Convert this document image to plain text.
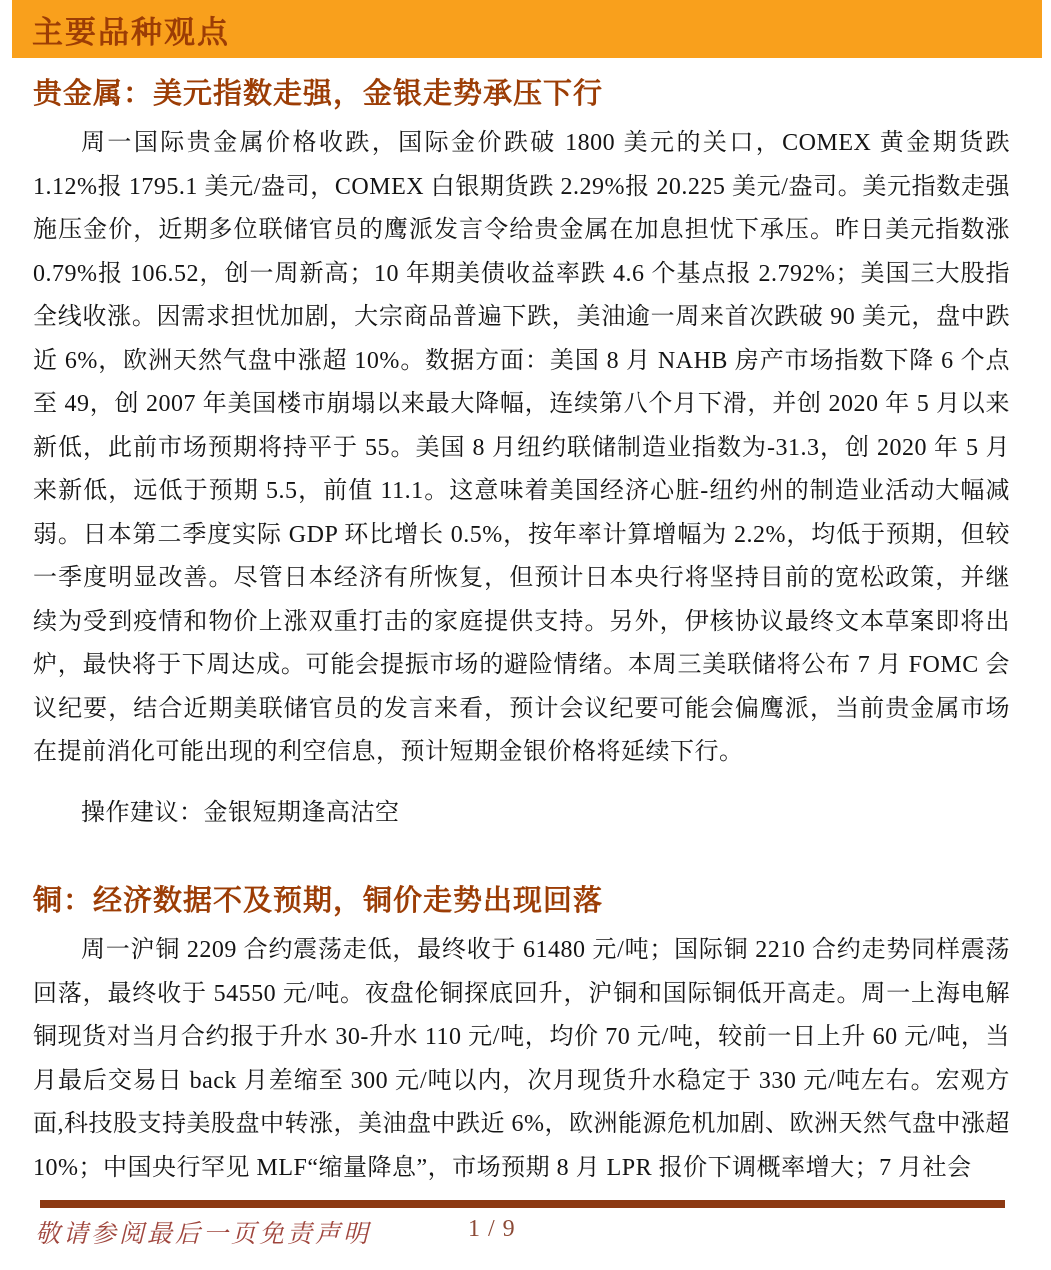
主要品种观点
贵金属：美元指数走强，金银走势承压下行

周一国际贵金属价格收跌，国际金价跌破 1800 美元的关口，COMEX 黄金期货跌 1.12%报 1795.1 美元/盎司，COMEX 白银期货跌 2.29%报 20.225 美元/盎司。美元指数走强施压金价，近期多位联储官员的鹰派发言令给贵金属在加息担忧下承压。昨日美元指数涨 0.79%报 106.52，创一周新高；10 年期美债收益率跌 4.6 个基点报 2.792%；美国三大股指全线收涨。因需求担忧加剧，大宗商品普遍下跌，美油逾一周来首次跌破 90 美元，盘中跌近 6%，欧洲天然气盘中涨超 10%。数据方面：美国 8 月 NAHB 房产市场指数下降 6 个点至 49，创 2007 年美国楼市崩塌以来最大降幅，连续第八个月下滑，并创 2020 年 5 月以来新低，此前市场预期将持平于 55。美国 8 月纽约联储制造业指数为-31.3，创 2020 年 5 月来新低，远低于预期 5.5，前值 11.1。这意味着美国经济心脏-纽约州的制造业活动大幅减弱。日本第二季度实际 GDP 环比增长 0.5%，按年率计算增幅为 2.2%，均低于预期，但较一季度明显改善。尽管日本经济有所恢复，但预计日本央行将坚持目前的宽松政策，并继续为受到疫情和物价上涨双重打击的家庭提供支持。另外，伊核协议最终文本草案即将出炉，最快将于下周达成。可能会提振市场的避险情绪。本周三美联储将公布 7 月 FOMC 会议纪要，结合近期美联储官员的发言来看，预计会议纪要可能会偏鹰派，当前贵金属市场在提前消化可能出现的利空信息，预计短期金银价格将延续下行。

操作建议：金银短期逢高沽空

铜：经济数据不及预期，铜价走势出现回落

周一沪铜 2209 合约震荡走低，最终收于 61480 元/吨；国际铜 2210 合约走势同样震荡回落，最终收于 54550 元/吨。夜盘伦铜探底回升，沪铜和国际铜低开高走。周一上海电解铜现货对当月合约报于升水 30-升水 110 元/吨，均价 70 元/吨，较前一日上升 60 元/吨，当月最后交易日 back 月差缩至 300 元/吨以内，次月现货升水稳定于 330 元/吨左右。宏观方面,科技股支持美股盘中转涨，美油盘中跌近 6%，欧洲能源危机加剧、欧洲天然气盘中涨超 10%；中国央行罕见 MLF“缩量降息”，市场预期 8 月 LPR 报价下调概率增大；7 月社会

敬请参阅最后一页免责声明	1 / 9
